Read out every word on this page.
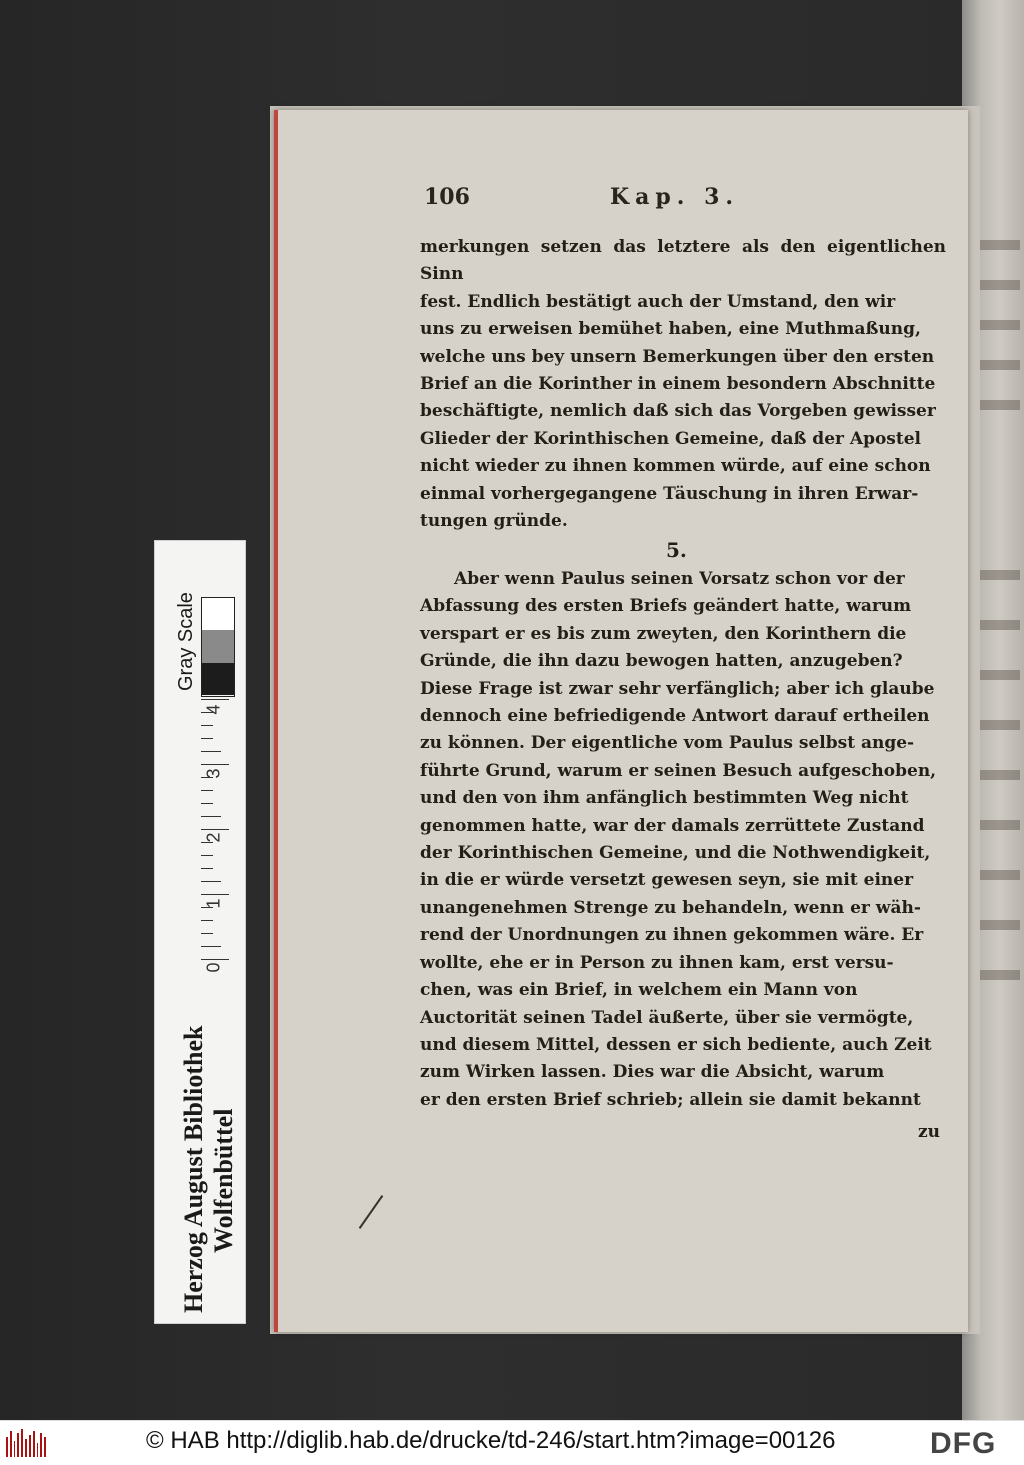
106	Kap. 3.

merkungen setzen das letztere als den eigentlichen Sinn

fest. Endlich bestätigt auch der Umstand, den wir

uns zu erweisen bemühet haben, eine Muthmaßung,

welche uns bey unsern Bemerkungen über den ersten

Brief an die Korinther in einem besondern Abschnitte

beschäftigte, nemlich daß sich das Vorgeben gewisser

Glieder der Korinthischen Gemeine, daß der Apostel

nicht wieder zu ihnen kommen würde, auf eine schon

einmal vorhergegangene Täuschung in ihren Erwar-

tungen gründe.

5.

Aber wenn Paulus seinen Vorsatz schon vor der

Abfassung des ersten Briefs geändert hatte, warum

verspart er es bis zum zweyten, den Korinthern die

Gründe, die ihn dazu bewogen hatten, anzugeben?

Diese Frage ist zwar sehr verfänglich; aber ich glaube

dennoch eine befriedigende Antwort darauf ertheilen

zu können. Der eigentliche vom Paulus selbst ange-

führte Grund, warum er seinen Besuch aufgeschoben,

und den von ihm anfänglich bestimmten Weg nicht

genommen hatte, war der damals zerrüttete Zustand

der Korinthischen Gemeine, und die Nothwendigkeit,

in die er würde versetzt gewesen seyn, sie mit einer

unangenehmen Strenge zu behandeln, wenn er wäh-

rend der Unordnungen zu ihnen gekommen wäre. Er

wollte, ehe er in Person zu ihnen kam, erst versu-

chen, was ein Brief, in welchem ein Mann von

Auctorität seinen Tadel äußerte, über sie vermögte,

und diesem Mittel, dessen er sich bediente, auch Zeit

zum Wirken lassen. Dies war die Absicht, warum

er den ersten Brief schrieb; allein sie damit bekannt

zu
Gray Scale
4
3
2
1
0
Herzog August Bibliothek Wolfenbüttel
© HAB http://diglib.hab.de/drucke/td-246/start.htm?image=00126	DFG
